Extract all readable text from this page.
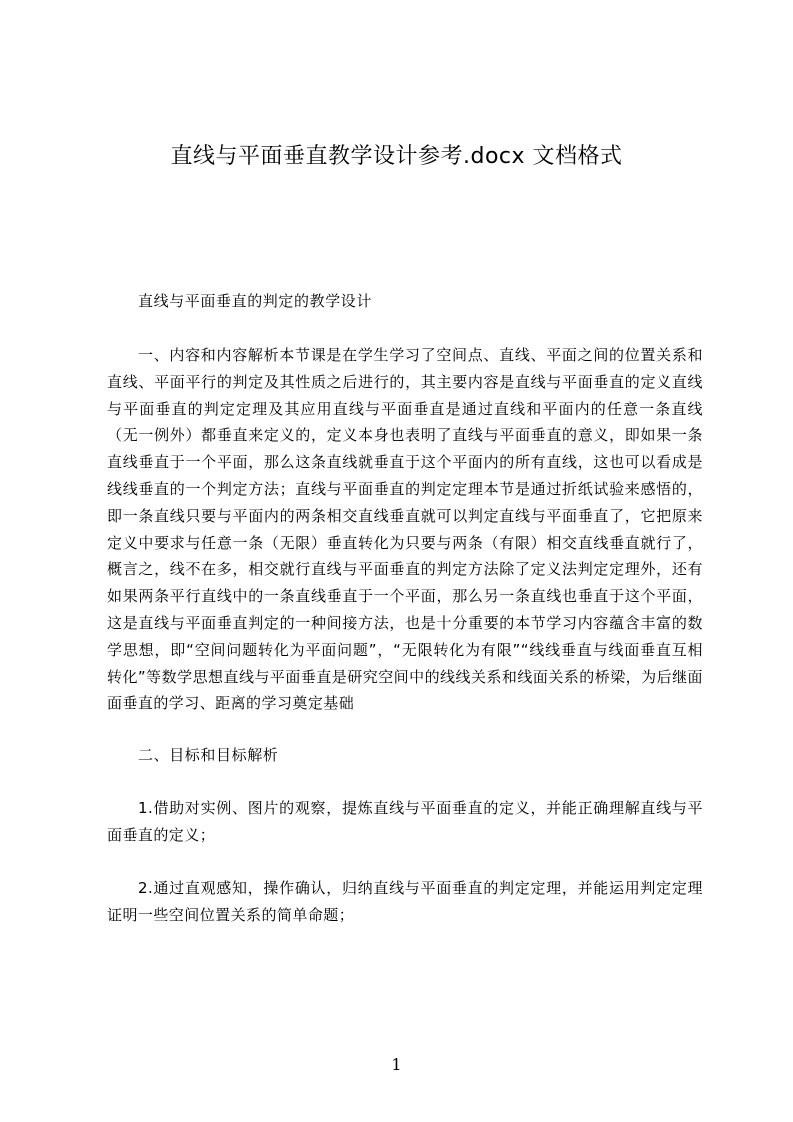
直线与平面垂直教学设计参考.docx 文档格式
直线与平面垂直的判定的教学设计

一、内容和内容解析本节课是在学生学习了空间点、直线、平面之间的位置关系和直线、平面平行的判定及其性质之后进行的，其主要内容是直线与平面垂直的定义直线与平面垂直的判定定理及其应用直线与平面垂直是通过直线和平面内的任意一条直线（无一例外）都垂直来定义的，定义本身也表明了直线与平面垂直的意义，即如果一条直线垂直于一个平面，那么这条直线就垂直于这个平面内的所有直线，这也可以看成是线线垂直的一个判定方法；直线与平面垂直的判定定理本节是通过折纸试验来感悟的，即一条直线只要与平面内的两条相交直线垂直就可以判定直线与平面垂直了，它把原来定义中要求与任意一条（无限）垂直转化为只要与两条（有限）相交直线垂直就行了，概言之，线不在多，相交就行直线与平面垂直的判定方法除了定义法判定定理外，还有如果两条平行直线中的一条直线垂直于一个平面，那么另一条直线也垂直于这个平面，这是直线与平面垂直判定的一种间接方法，也是十分重要的本节学习内容蕴含丰富的数学思想，即“空间问题转化为平面问题”，“无限转化为有限”“线线垂直与线面垂直互相转化”等数学思想直线与平面垂直是研究空间中的线线关系和线面关系的桥梁，为后继面面垂直的学习、距离的学习奠定基础

二、目标和目标解析

1.借助对实例、图片的观察，提炼直线与平面垂直的定义，并能正确理解直线与平面垂直的定义；

2.通过直观感知，操作确认，归纳直线与平面垂直的判定定理，并能运用判定定理证明一些空间位置关系的简单命题；

1
